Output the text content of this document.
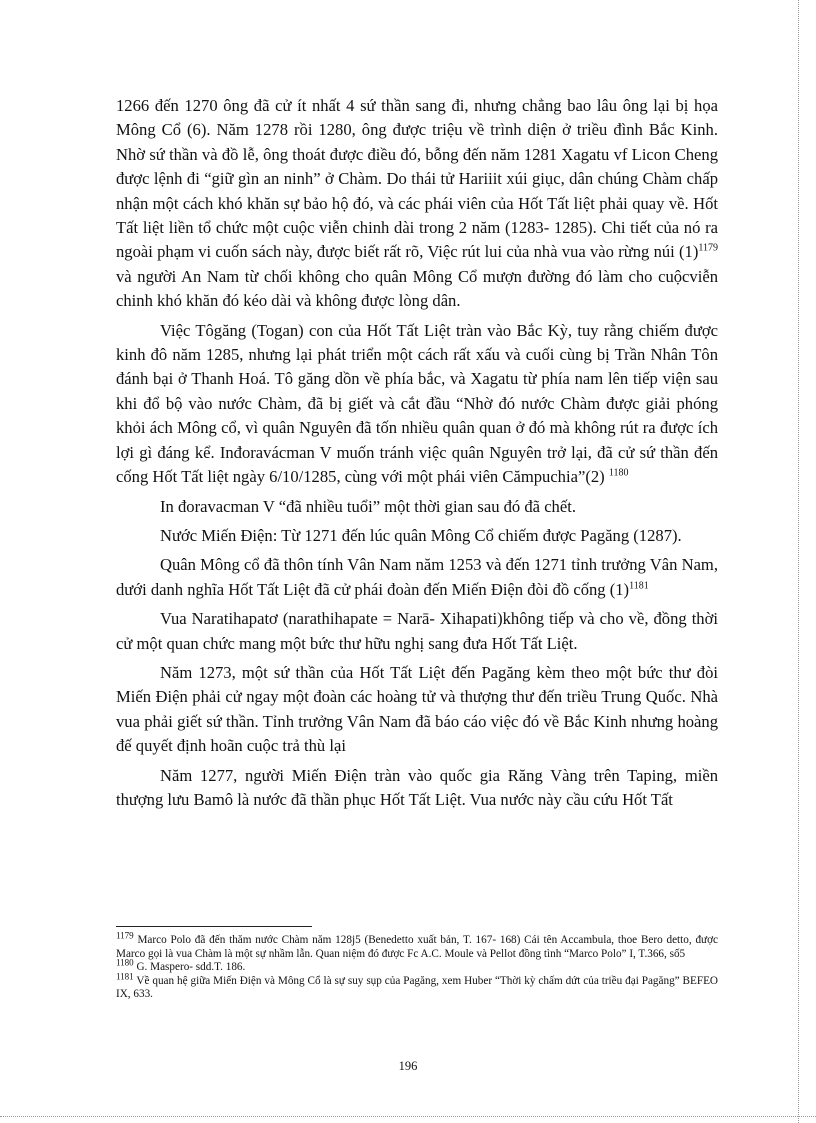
1266 đến 1270 ông đã cử ít nhất 4 sứ thần sang đi, nhưng chẳng bao lâu ông lại bị họa Mông Cổ (6). Năm 1278 rồi 1280, ông được triệu về trình diện ở triều đình Bắc Kinh. Nhờ sứ thần và đồ lễ, ông thoát được điều đó, bỗng đến năm 1281 Xagatu vf Licon Cheng được lệnh đi “giữ gìn an ninh” ở Chàm. Do thái tử Hariiit xúi giục, dân chúng Chàm chấp nhận một cách khó khăn sự bảo hộ đó, và các phái viên của Hốt Tất liệt phải quay về. Hốt Tất liệt liền tổ chức một cuộc viễn chinh dài trong 2 năm (1283- 1285). Chi tiết của nó ra ngoài phạm vi cuốn sách này, được biết rất rõ, Việc rút lui của nhà vua vào rừng núi $(1)^{1179}$ và người An Nam từ chối không cho quân Mông Cổ mượn đường đó làm cho cuộcviễn chinh khó khăn đó kéo dài và không được lòng dân.

Việc Tôgăng (Togan) con của Hốt Tất Liệt tràn vào Bắc Kỳ, tuy rằng chiếm được kinh đô năm 1285, nhưng lại phát triển một cách rất xấu và cuối cùng bị Trần Nhân Tôn đánh bại ở Thanh Hoá. Tô găng dồn về phía bắc, và Xagatu từ phía nam lên tiếp viện sau khi đổ bộ vào nước Chàm, đã bị giết và cắt đầu “Nhờ đó nước Chàm được giải phóng khỏi ách Mông cổ, vì quân Nguyên đã tốn nhiều quân quan ở đó mà không rút ra được ích lợi gì đáng kể. Inđoravácman V muốn tránh việc quân Nguyên trở lại, đã cử sứ thần đến cống Hốt Tất liệt ngày 6/10/1285, cùng với một phái viên Cămpuchia”(2) $^{1180}$

In đoravacman V “đã nhiều tuổi” một thời gian sau đó đã chết.

Nước Miến Điện: Từ 1271 đến lúc quân Mông Cổ chiếm được Pagăng (1287).

Quân Mông cổ đã thôn tính Vân Nam năm 1253 và đến 1271 tỉnh trưởng Vân Nam, dưới danh nghĩa Hốt Tất Liệt đã cử phái đoàn đến Miến Điện đòi đồ cống $(1)^{1181}$

Vua Naratihapatơ (narathihapate = Narā- Xihapati)không tiếp và cho về, đồng thời cử một quan chức mang một bức thư hữu nghị sang đưa Hốt Tất Liệt.

Năm 1273, một sứ thần của Hốt Tất Liệt đến Pagăng kèm theo một bức thư đòi Miến Điện phải cử ngay một đoàn các hoàng tử và thượng thư đến triều Trung Quốc. Nhà vua phải giết sứ thần. Tỉnh trưởng Vân Nam đã báo cáo việc đó về Bắc Kinh nhưng hoàng đế quyết định hoãn cuộc trả thù lại

Năm 1277, người Miến Điện tràn vào quốc gia Răng Vàng trên Taping, miền thượng lưu Bamô là nước đã thần phục Hốt Tất Liệt. Vua nước này cầu cứu Hốt Tất

$^{1179}$ Marco Polo đã đến thăm nước Chàm năm 128j5 (Benedetto xuất bản, T. 167- 168) Cái tên Accambula, thoe Bero detto, được Marco gọi là vua Chàm là một sự nhầm lẫn. Quan niệm đó được Fc A.C. Moule và Pellot đồng tình “Marco Polo” I, T.366, số5

$^{1180}$ G. Maspero- sdd.T. 186.

$^{1181}$ Về quan hệ giữa Miến Điện và Mông Cổ là sự suy sụp của Pagăng, xem Huber “Thời kỳ chấm dứt của triều đại Pagăng” BEFEO IX, 633.

196
